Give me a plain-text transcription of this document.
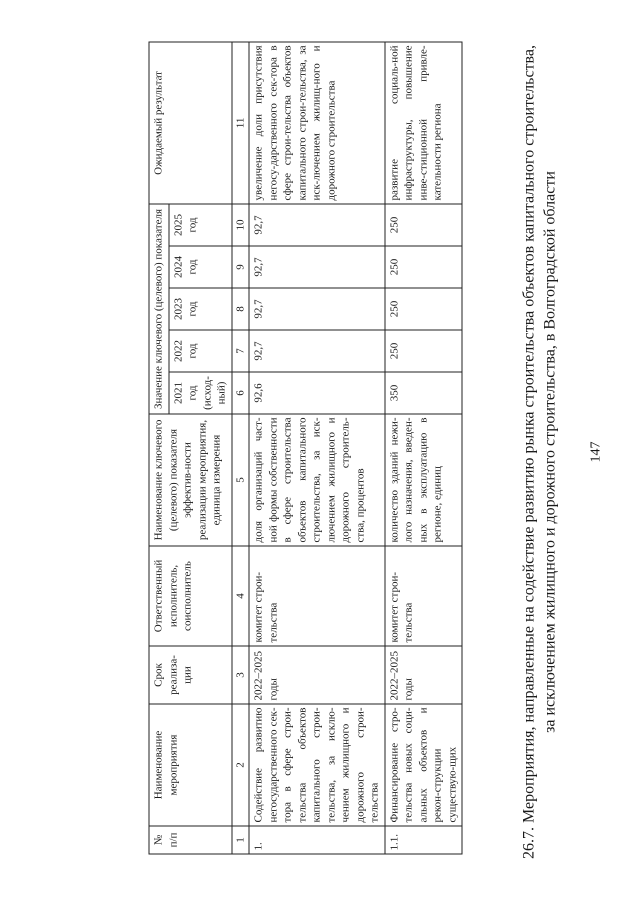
147
26.7. Мероприятия, направленные на содействие развитию рынка строительства объектов капитального строительства, за исключением жилищного и дорожного строительства, в Волгоградской области
№ п/п	Наименование мероприятия	Срок реализа-ции	Ответственный исполнитель, соисполнитель	Наименование ключевого (целевого) показателя эффектив-ности реализации мероприятия, единица измерения	Значение ключевого (целевого) показателя					Ожидаемый результат
					2021 год (исход-ный)	2022 год	2023 год	2024 год	2025 год	
1	2	3	4	5	6	7	8	9	10	11
1.	Содействие развитию негосударственного сек-тора в сфере строи-тельства объектов капитального строи-тельства, за исклю-чением жилищного и дорожного строи-тельства	2022–2025 годы	комитет строи-тельства	доля организаций част-ной формы собственности в сфере строительства объектов капитального строительства, за иск-лючением жилищного и дорожного строитель-ства, процентов	92,6	92,7	92,7	92,7	92,7	увеличение доли присутствия негосу-дарственного сек-тора в сфере строи-тельства объектов капитального строи-тельства, за иск-лючением жилищ-ного и дорожного строительства
1.1.	Финансирование стро-тельства новых соци-альных объектов и рекон-струкции существую-щих	2022–2025 годы	комитет строи-тельства	количество зданий нежи-лого назначения, введен-ных в эксплуатацию в регионе, единиц	350	250	250	250	250	развитие социаль-ной инфраструктуры, повышение инве-стиционной привле-кательности региона
